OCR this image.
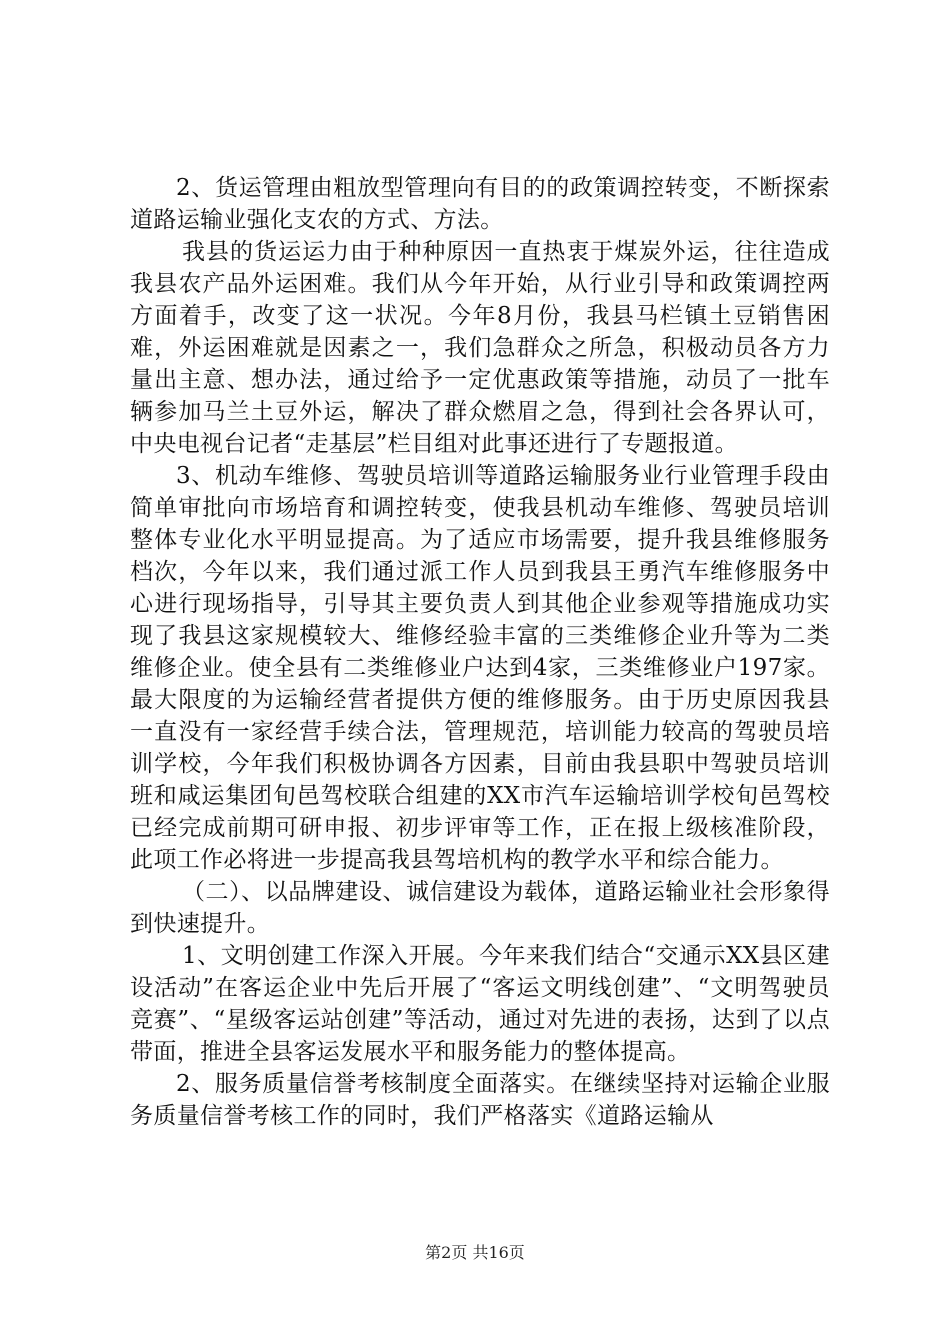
2、货运管理由粗放型管理向有目的的政策调控转变，不断探索道路运输业强化支农的方式、方法。

我县的货运运力由于种种原因一直热衷于煤炭外运，往往造成我县农产品外运困难。我们从今年开始，从行业引导和政策调控两方面着手，改变了这一状况。今年8月份，我县马栏镇土豆销售困难，外运困难就是因素之一，我们急群众之所急，积极动员各方力量出主意、想办法，通过给予一定优惠政策等措施，动员了一批车辆参加马兰土豆外运，解决了群众燃眉之急，得到社会各界认可，中央电视台记者“走基层”栏目组对此事还进行了专题报道。

3、机动车维修、驾驶员培训等道路运输服务业行业管理手段由简单审批向市场培育和调控转变，使我县机动车维修、驾驶员培训整体专业化水平明显提高。为了适应市场需要，提升我县维修服务档次，今年以来，我们通过派工作人员到我县王勇汽车维修服务中心进行现场指导，引导其主要负责人到其他企业参观等措施成功实现了我县这家规模较大、维修经验丰富的三类维修企业升等为二类维修企业。使全县有二类维修业户达到4家，三类维修业户197家。最大限度的为运输经营者提供方便的维修服务。由于历史原因我县一直没有一家经营手续合法，管理规范，培训能力较高的驾驶员培训学校，今年我们积极协调各方因素，目前由我县职中驾驶员培训班和咸运集团旬邑驾校联合组建的XX市汽车运输培训学校旬邑驾校已经完成前期可研申报、初步评审等工作，正在报上级核准阶段，此项工作必将进一步提高我县驾培机构的教学水平和综合能力。

（二）、以品牌建设、诚信建设为载体，道路运输业社会形象得到快速提升。

1、文明创建工作深入开展。今年来我们结合“交通示XX县区建设活动”在客运企业中先后开展了“客运文明线创建”、“文明驾驶员竞赛”、“星级客运站创建”等活动，通过对先进的表扬，达到了以点带面，推进全县客运发展水平和服务能力的整体提高。

2、服务质量信誉考核制度全面落实。在继续坚持对运输企业服务质量信誉考核工作的同时，我们严格落实《道路运输从

第2页 共16页
